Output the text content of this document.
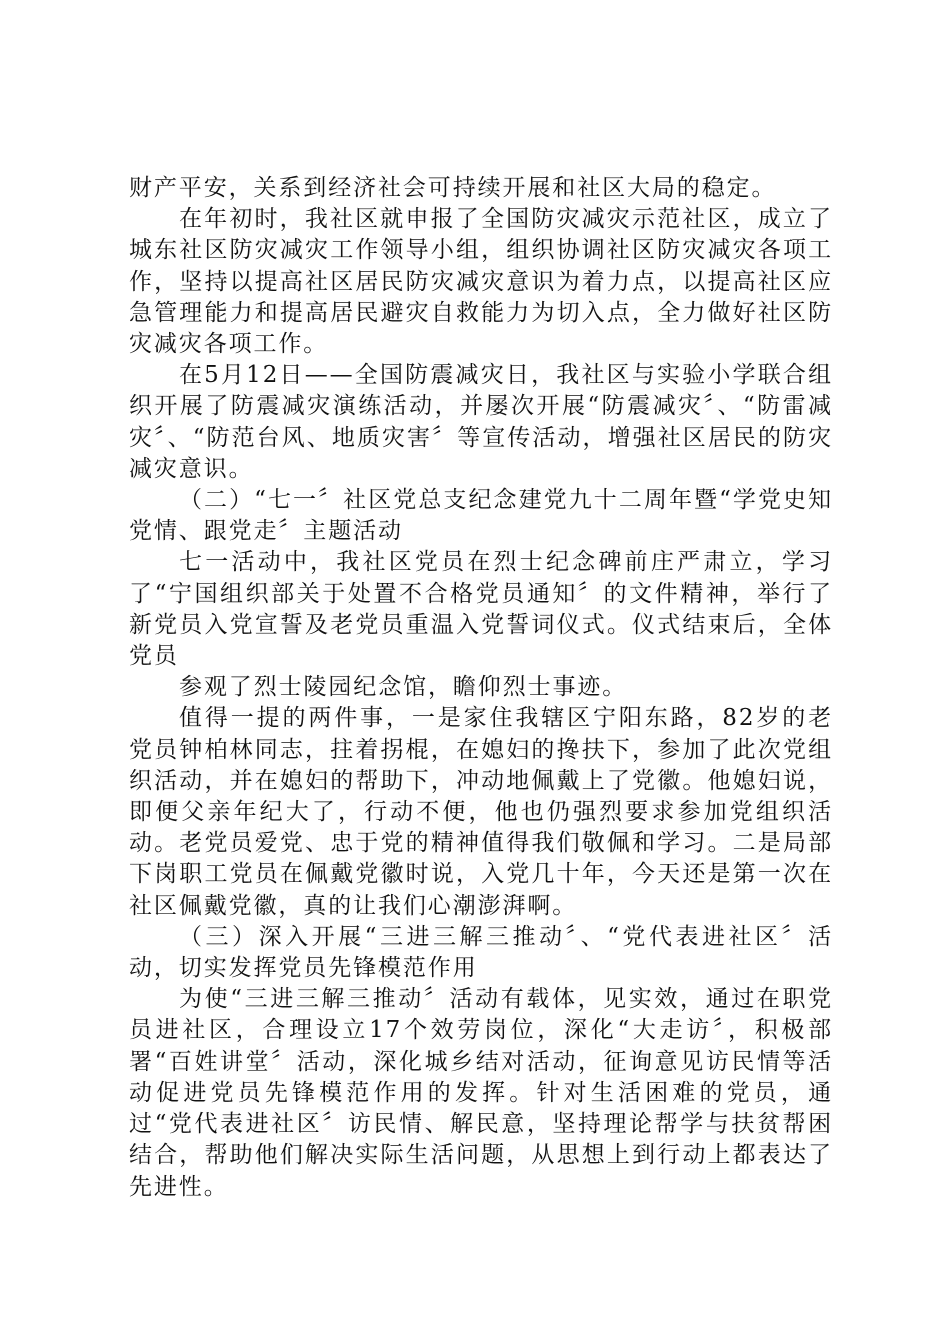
财产平安，关系到经济社会可持续开展和社区大局的稳定。

在年初时，我社区就申报了全国防灾减灾示范社区，成立了城东社区防灾减灾工作领导小组，组织协调社区防灾减灾各项工作，坚持以提高社区居民防灾减灾意识为着力点，以提高社区应急管理能力和提高居民避灾自救能力为切入点，全力做好社区防灾减灾各项工作。

在5月12日——全国防震减灾日，我社区与实验小学联合组织开展了防震减灾演练活动，并屡次开展“防震减灾〞、“防雷减灾〞、“防范台风、地质灾害〞等宣传活动，增强社区居民的防灾减灾意识。

（二）“七一〞社区党总支纪念建党九十二周年暨“学党史知党情、跟党走〞主题活动

七一活动中，我社区党员在烈士纪念碑前庄严肃立，学习了“宁国组织部关于处置不合格党员通知〞的文件精神，举行了新党员入党宣誓及老党员重温入党誓词仪式。仪式结束后，全体党员

参观了烈士陵园纪念馆，瞻仰烈士事迹。

值得一提的两件事，一是家住我辖区宁阳东路，82岁的老党员钟柏林同志，拄着拐棍，在媳妇的搀扶下，参加了此次党组织活动，并在媳妇的帮助下，冲动地佩戴上了党徽。他媳妇说，即便父亲年纪大了，行动不便，他也仍强烈要求参加党组织活动。老党员爱党、忠于党的精神值得我们敬佩和学习。二是局部下岗职工党员在佩戴党徽时说，入党几十年，今天还是第一次在社区佩戴党徽，真的让我们心潮澎湃啊。

（三）深入开展“三进三解三推动〞、“党代表进社区〞活动，切实发挥党员先锋模范作用

为使“三进三解三推动〞活动有载体，见实效，通过在职党员进社区，合理设立17个效劳岗位，深化“大走访〞，积极部署“百姓讲堂〞活动，深化城乡结对活动，征询意见访民情等活动促进党员先锋模范作用的发挥。针对生活困难的党员，通过“党代表进社区〞访民情、解民意，坚持理论帮学与扶贫帮困结合，帮助他们解决实际生活问题，从思想上到行动上都表达了先进性。
